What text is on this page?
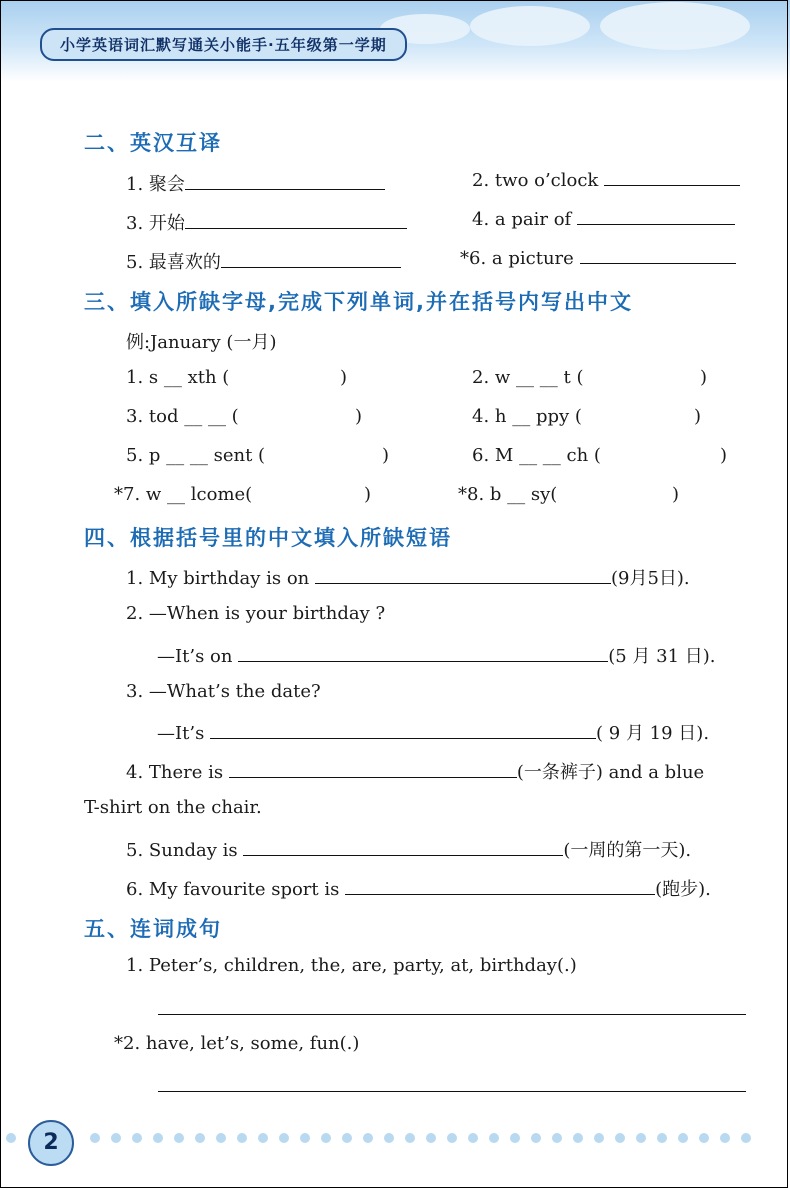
小学英语词汇默写通关小能手·五年级第一学期
二、英汉互译
1. 聚会	2. two o’clock
3. 开始	4. a pair of
5. 最喜欢的	*6. a picture
三、填入所缺字母,完成下列单词,并在括号内写出中文
例:January (一月)
1. s __ xth (	)	2. w __ __ t (	)
3. tod __ __ (	)	4. h __ ppy (	)
5. p __ __ sent (	)	6. M __ __ ch (	)
*7. w __ lcome(	)	*8. b __ sy(	)
四、根据括号里的中文填入所缺短语
1. My birthday is on	(9月5日).
2. —When is your birthday ?
—It’s on	(5 月 31 日).
3. —What’s the date?
—It’s	( 9 月 19 日).
4. There is	(一条裤子) and a blue
T-shirt on the chair.
5. Sunday is	(一周的第一天).
6. My favourite sport is	(跑步).
五、连词成句
1. Peter’s, children, the, are, party, at, birthday(.)
*2. have, let’s, some, fun(.)
2
